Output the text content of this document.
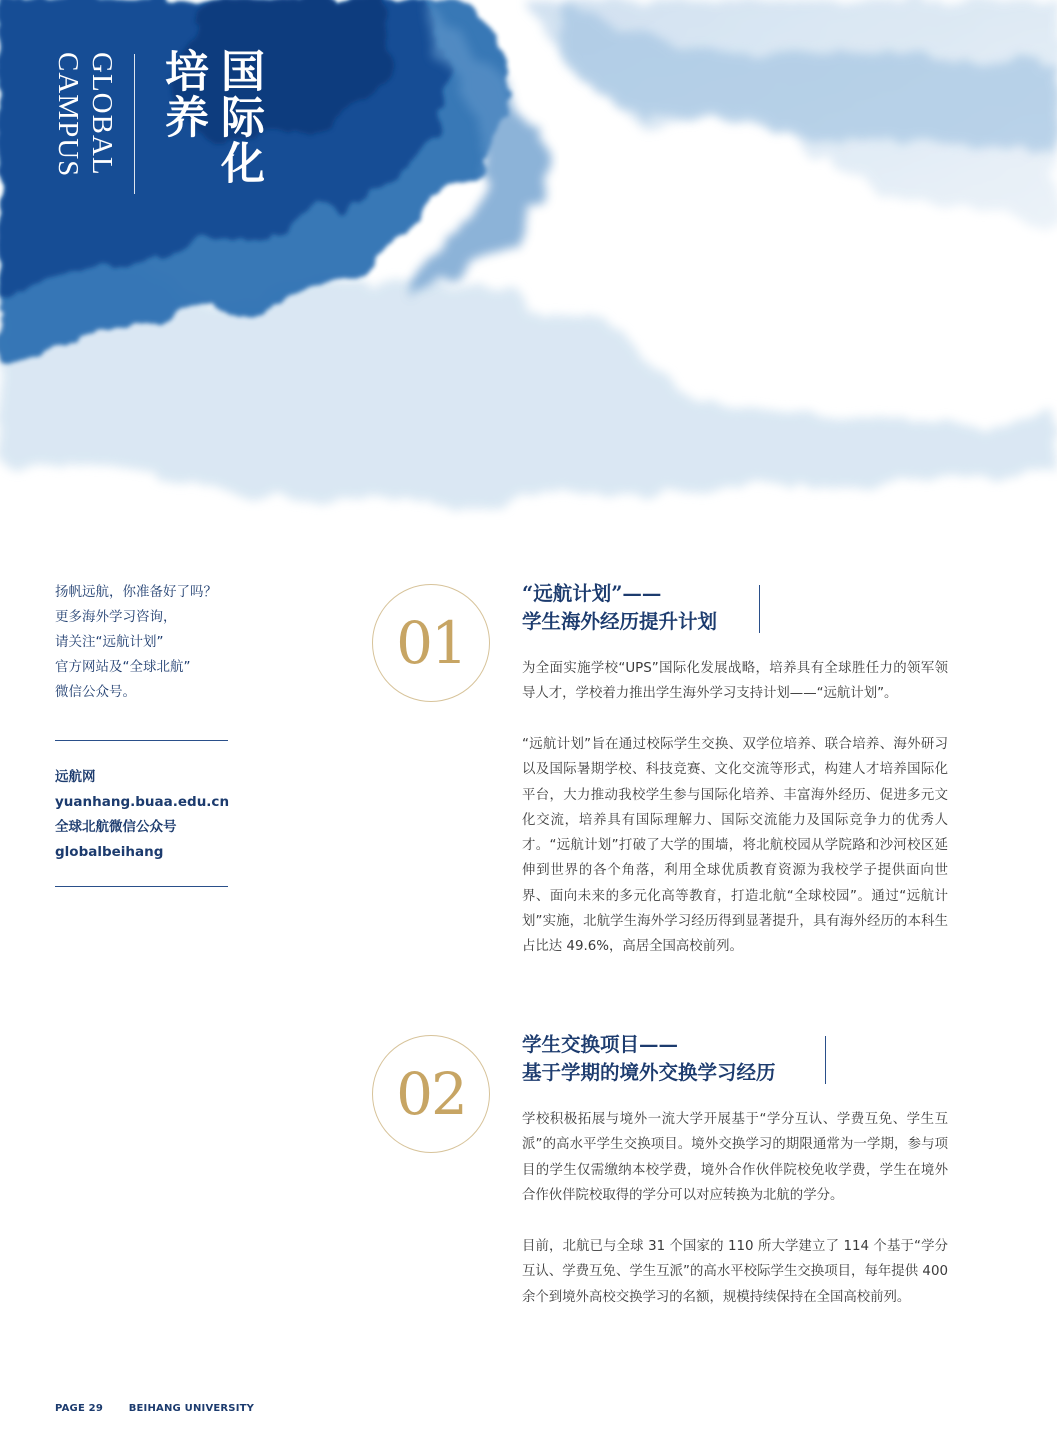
国际化
培养
GLOBAL
CAMPUS
扬帆远航，你准备好了吗？
更多海外学习咨询，
请关注“远航计划”
官方网站及“全球北航”
微信公众号。
远航网
yuanhang.buaa.edu.cn
全球北航微信公众号
globalbeihang
01
“远航计划”——
学生海外经历提升计划
为全面实施学校“UPS”国际化发展战略，培养具有全球胜任力的领军领导人才，学校着力推出学生海外学习支持计划——“远航计划”。
“远航计划”旨在通过校际学生交换、双学位培养、联合培养、海外研习以及国际暑期学校、科技竞赛、文化交流等形式，构建人才培养国际化平台，大力推动我校学生参与国际化培养、丰富海外经历、促进多元文化交流，培养具有国际理解力、国际交流能力及国际竞争力的优秀人才。“远航计划”打破了大学的围墙，将北航校园从学院路和沙河校区延伸到世界的各个角落，利用全球优质教育资源为我校学子提供面向世界、面向未来的多元化高等教育，打造北航“全球校园”。通过“远航计划”实施，北航学生海外学习经历得到显著提升，具有海外经历的本科生占比达 49.6%，高居全国高校前列。
02
学生交换项目——
基于学期的境外交换学习经历
学校积极拓展与境外一流大学开展基于“学分互认、学费互免、学生互派”的高水平学生交换项目。境外交换学习的期限通常为一学期，参与项目的学生仅需缴纳本校学费，境外合作伙伴院校免收学费，学生在境外合作伙伴院校取得的学分可以对应转换为北航的学分。
目前，北航已与全球 31 个国家的 110 所大学建立了 114 个基于“学分互认、学费互免、学生互派”的高水平校际学生交换项目，每年提供 400 余个到境外高校交换学习的名额，规模持续保持在全国高校前列。
PAGE 29	BEIHANG UNIVERSITY
